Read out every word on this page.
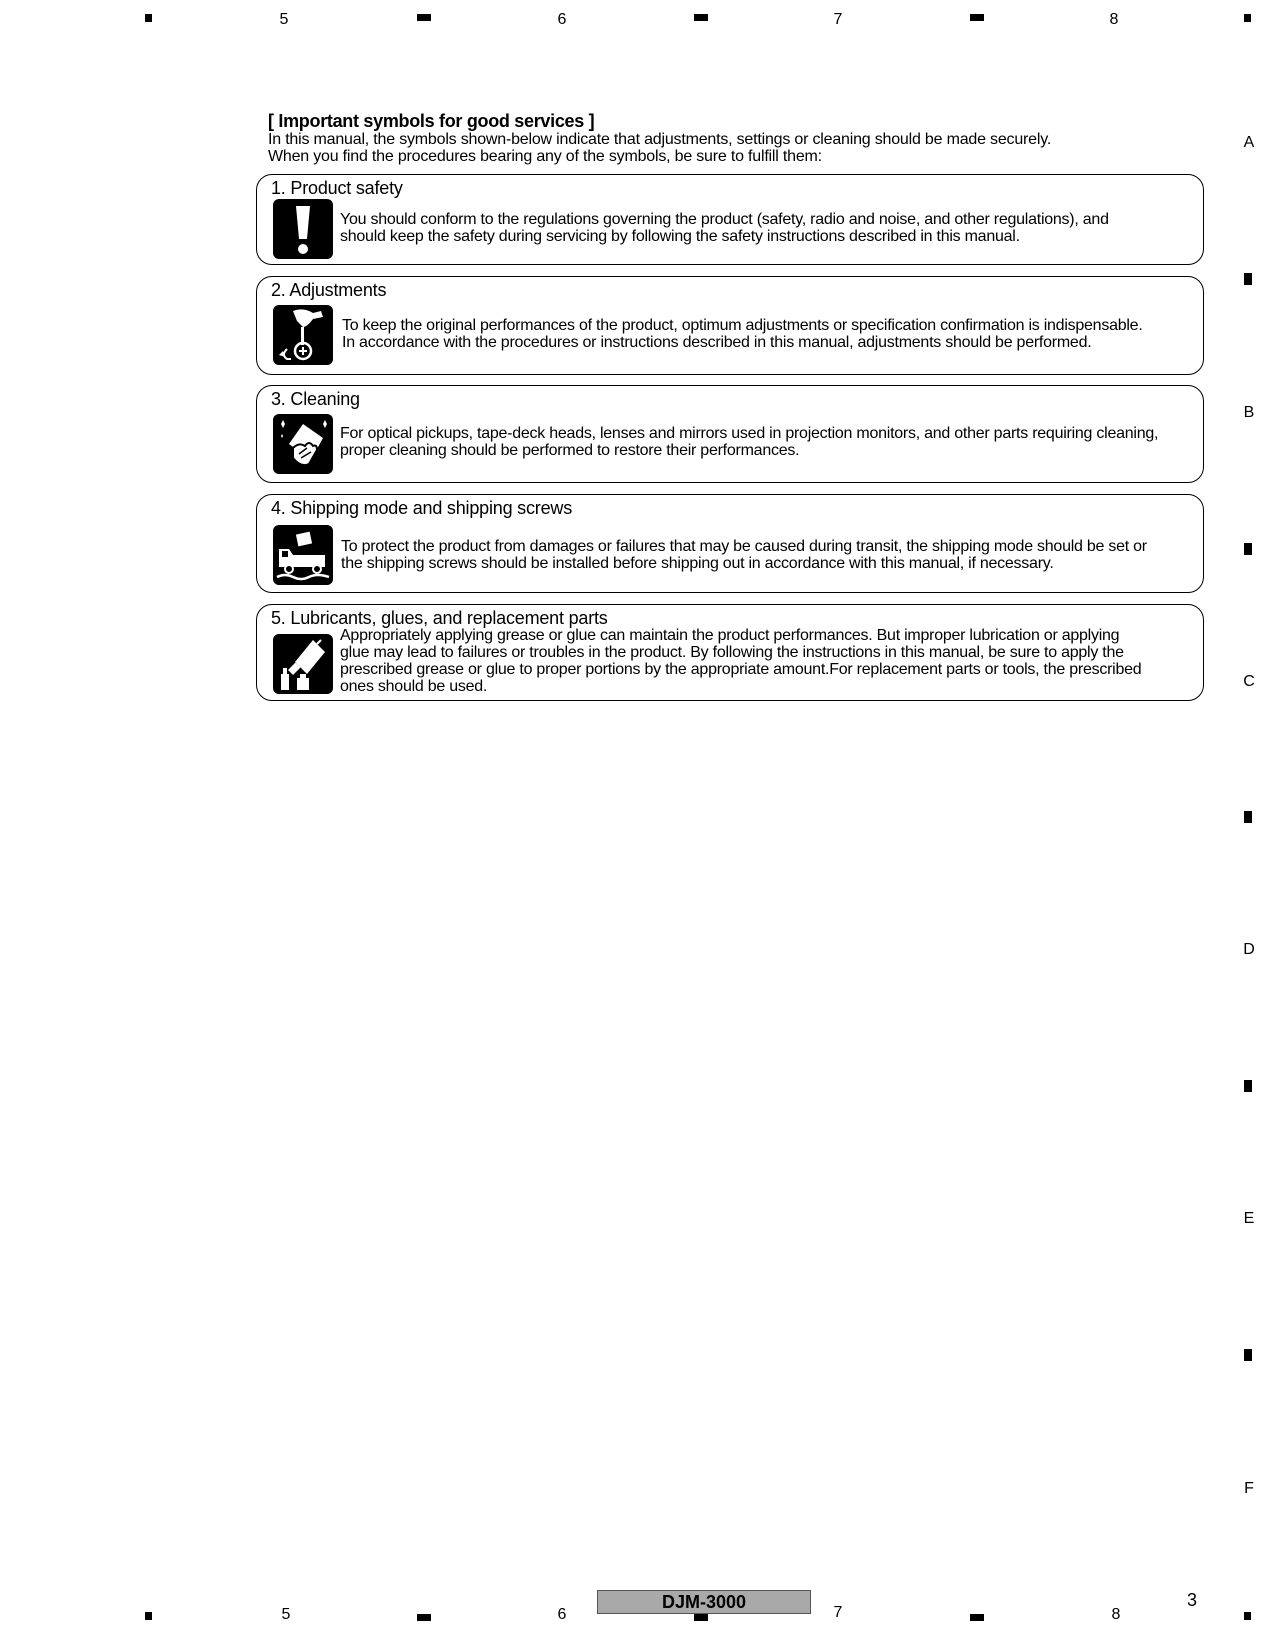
5	6	7	8
5	6	7	8
A
B
C
D
E
F
[ Important symbols for good services ]
In this manual, the symbols shown-below indicate that adjustments, settings or cleaning should be made securely.
When you find the procedures bearing any of the symbols, be sure to fulfill them:
1. Product safety
You should conform to the regulations governing the product (safety, radio and noise, and other regulations), and
should keep the safety during servicing by following the safety instructions described in this manual.
2. Adjustments
To keep the original performances of the product, optimum adjustments or specification confirmation is indispensable.
In accordance with the procedures or instructions described in this manual, adjustments should be performed.
3. Cleaning
For optical pickups, tape-deck heads, lenses and mirrors used in projection monitors, and other parts requiring cleaning,
proper cleaning should be performed to restore their performances.
4. Shipping mode and shipping screws
To protect the product from damages or failures that may be caused during transit, the shipping mode should be set or
the shipping screws should be installed before shipping out in accordance with this manual, if necessary.
5. Lubricants, glues, and replacement parts
Appropriately applying grease or glue can maintain the product performances. But improper lubrication or applying
glue may lead to failures or troubles in the product. By following the instructions in this manual, be sure to apply the
prescribed grease or glue to proper portions by the appropriate amount.For replacement parts or tools, the prescribed
ones should be used.
DJM-3000	3
